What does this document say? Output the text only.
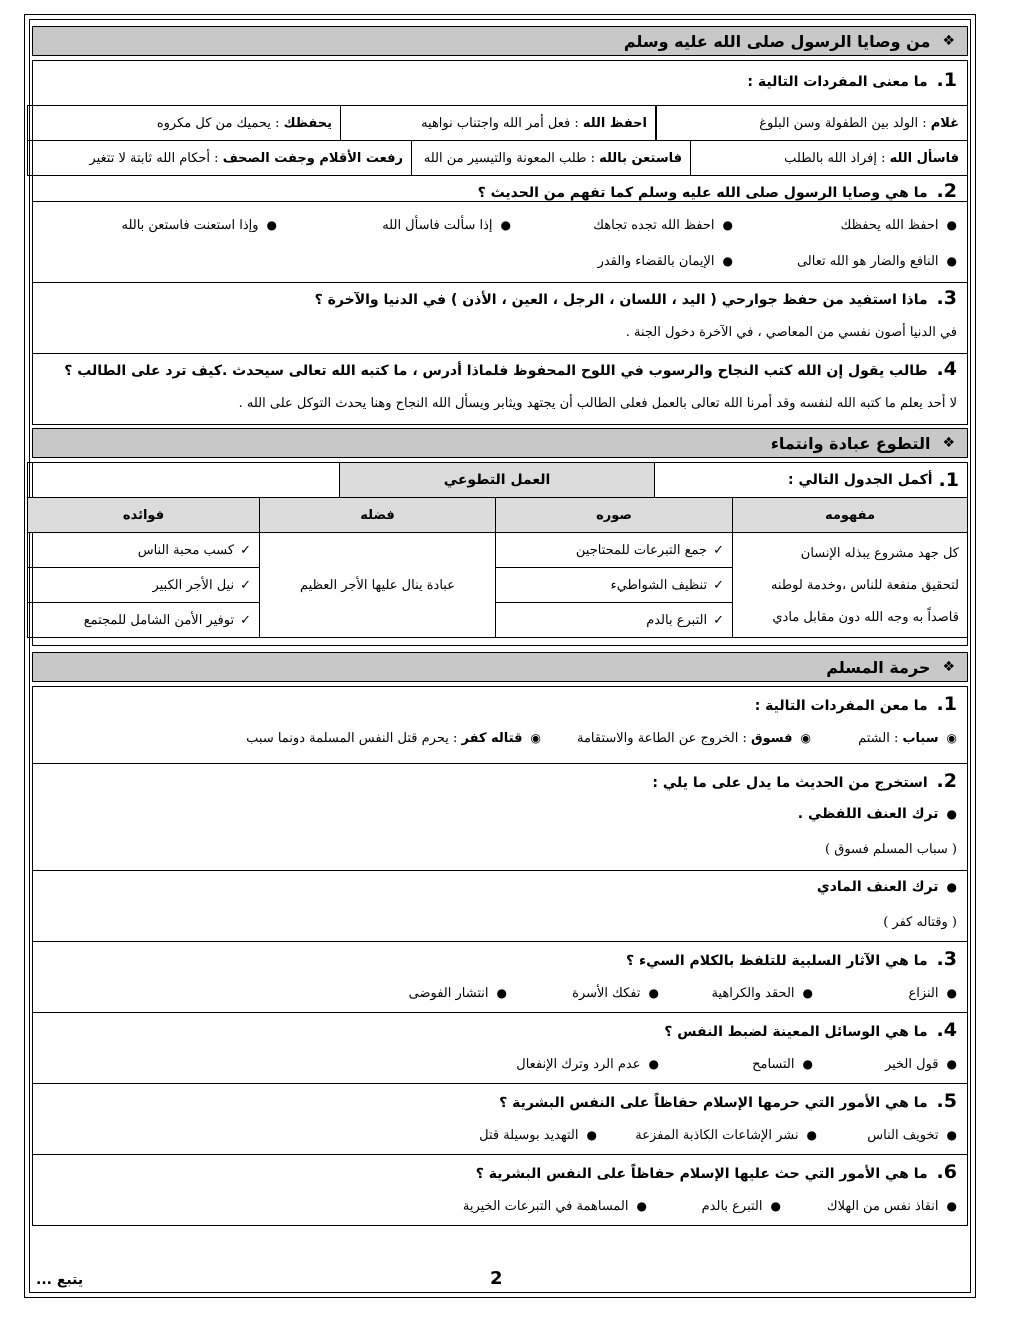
❖
من وصايا الرسول صلى الله عليه وسلم
1. ما معنى المفردات التالية :
غلام

: الولد بين الطفولة وسن البلوغ
احفظ الله

: فعل أمر الله واجتناب نواهيه
يحفظك

: يحميك من كل مكروه
فاسأل الله

: إفراد الله بالطلب
فاستعن بالله

: طلب المعونة والتيسير من الله
رفعت الأقلام وجفت الصحف

: أحكام الله ثابتة لا تتغير
2. ما هي وصايا الرسول صلى الله عليه وسلم كما تفهم من الحديث ؟
●احفظ الله يحفظك
●احفظ الله تجده تجاهك
●إذا سألت فاسأل الله
●وإذا استعنت فاستعن بالله
●النافع والضار هو الله تعالى
●الإيمان بالقضاء والقدر
3. ماذا استفيد من حفظ جوارحي ( اليد ، اللسان ، الرجل ، العين ، الأذن ) في الدنيا والآخرة ؟
في الدنيا أصون نفسي من المعاصي ، في الآخرة دخول الجنة .
4. طالب يقول إن الله كتب النجاح والرسوب في اللوح المحفوظ فلماذا أدرس ، ما كتبه الله تعالى سيحدث .كيف ترد على الطالب ؟
لا أحد يعلم ما كتبه الله لنفسه وقد أمرنا الله تعالى بالعمل فعلى الطالب أن يجتهد ويثابر ويسأل الله النجاح وهنا يحدث التوكل على الله .
❖
التطوع عبادة وانتماء
1.
أكمل الجدول التالي :
العمل التطوعي
مفهومه
صوره
فضله
فوائده
كل جهد مشروع يبذله الإنسان
لتحقيق منفعة للناس ،وخدمة لوطنه
قاصداً به وجه الله دون مقابل مادي
✓
جمع التبرعات للمحتاجين
✓
تنظيف الشواطيء
✓
التبرع بالدم
عبادة ينال عليها الأجر العظيم
✓
كسب محبة الناس
✓
نيل الأجر الكبير
✓
توفير الأمن الشامل للمجتمع
❖
حرمة المسلم
1. ما معن المفردات التالية :
◉سباب : الشتم
◉فسوق : الخروج عن الطاعة والاستقامة
◉قتاله كفر : يحرم قتل النفس المسلمة دونما سبب
2. استخرج من الحديث ما يدل على ما يلي :
●ترك العنف اللفظي .
( سباب المسلم فسوق )
●ترك العنف المادي
( وقتاله كفر )
3. ما هي الآثار السلبية للتلفظ بالكلام السيء ؟
●النزاع
●الحقد والكراهية
●تفكك الأسرة
●انتشار الفوضى
4. ما هي الوسائل المعينة لضبط النفس ؟
●قول الخير
●التسامح
●عدم الرد وترك الإنفعال
5. ما هي الأمور التي حرمها الإسلام حفاظاً على النفس البشرية ؟
●تخويف الناس
●نشر الإشاعات الكاذبة المفزعة
●التهديد بوسيلة قتل
6. ما هي الأمور التي حث عليها الإسلام حفاظاً على النفس البشرية ؟
●انقاذ نفس من الهلاك
●التبرع بالدم
●المساهمة في التبرعات الخيرية
2
يتبع ...
